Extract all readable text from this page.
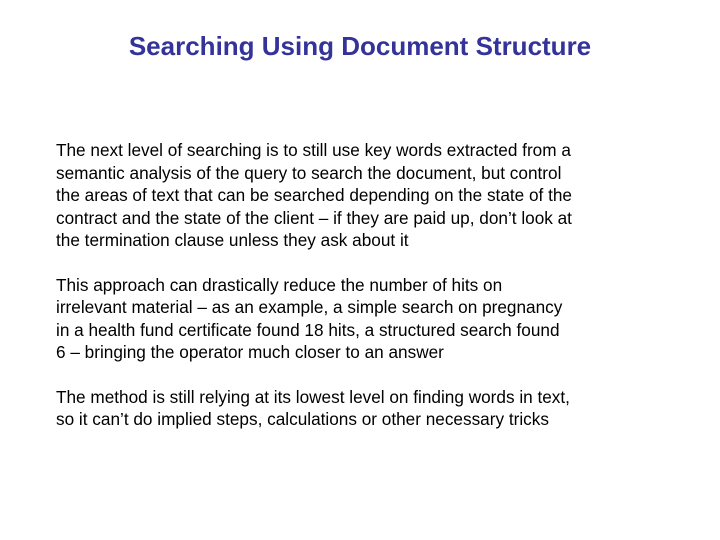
Searching Using Document Structure

The next level of searching is to still use key words extracted from a
semantic analysis of the query to search the document, but control
the areas of text that can be searched depending on the state of the
contract and the state of the client – if they are paid up, don’t look at
the termination clause unless they ask about it

This approach can drastically reduce the number of hits on
irrelevant material – as an example, a simple search on pregnancy
in a health fund certificate found 18 hits, a structured search found
6 – bringing the operator much closer to an answer

The method is still relying at its lowest level on finding words in text,
so it can’t do implied steps, calculations or other necessary tricks
